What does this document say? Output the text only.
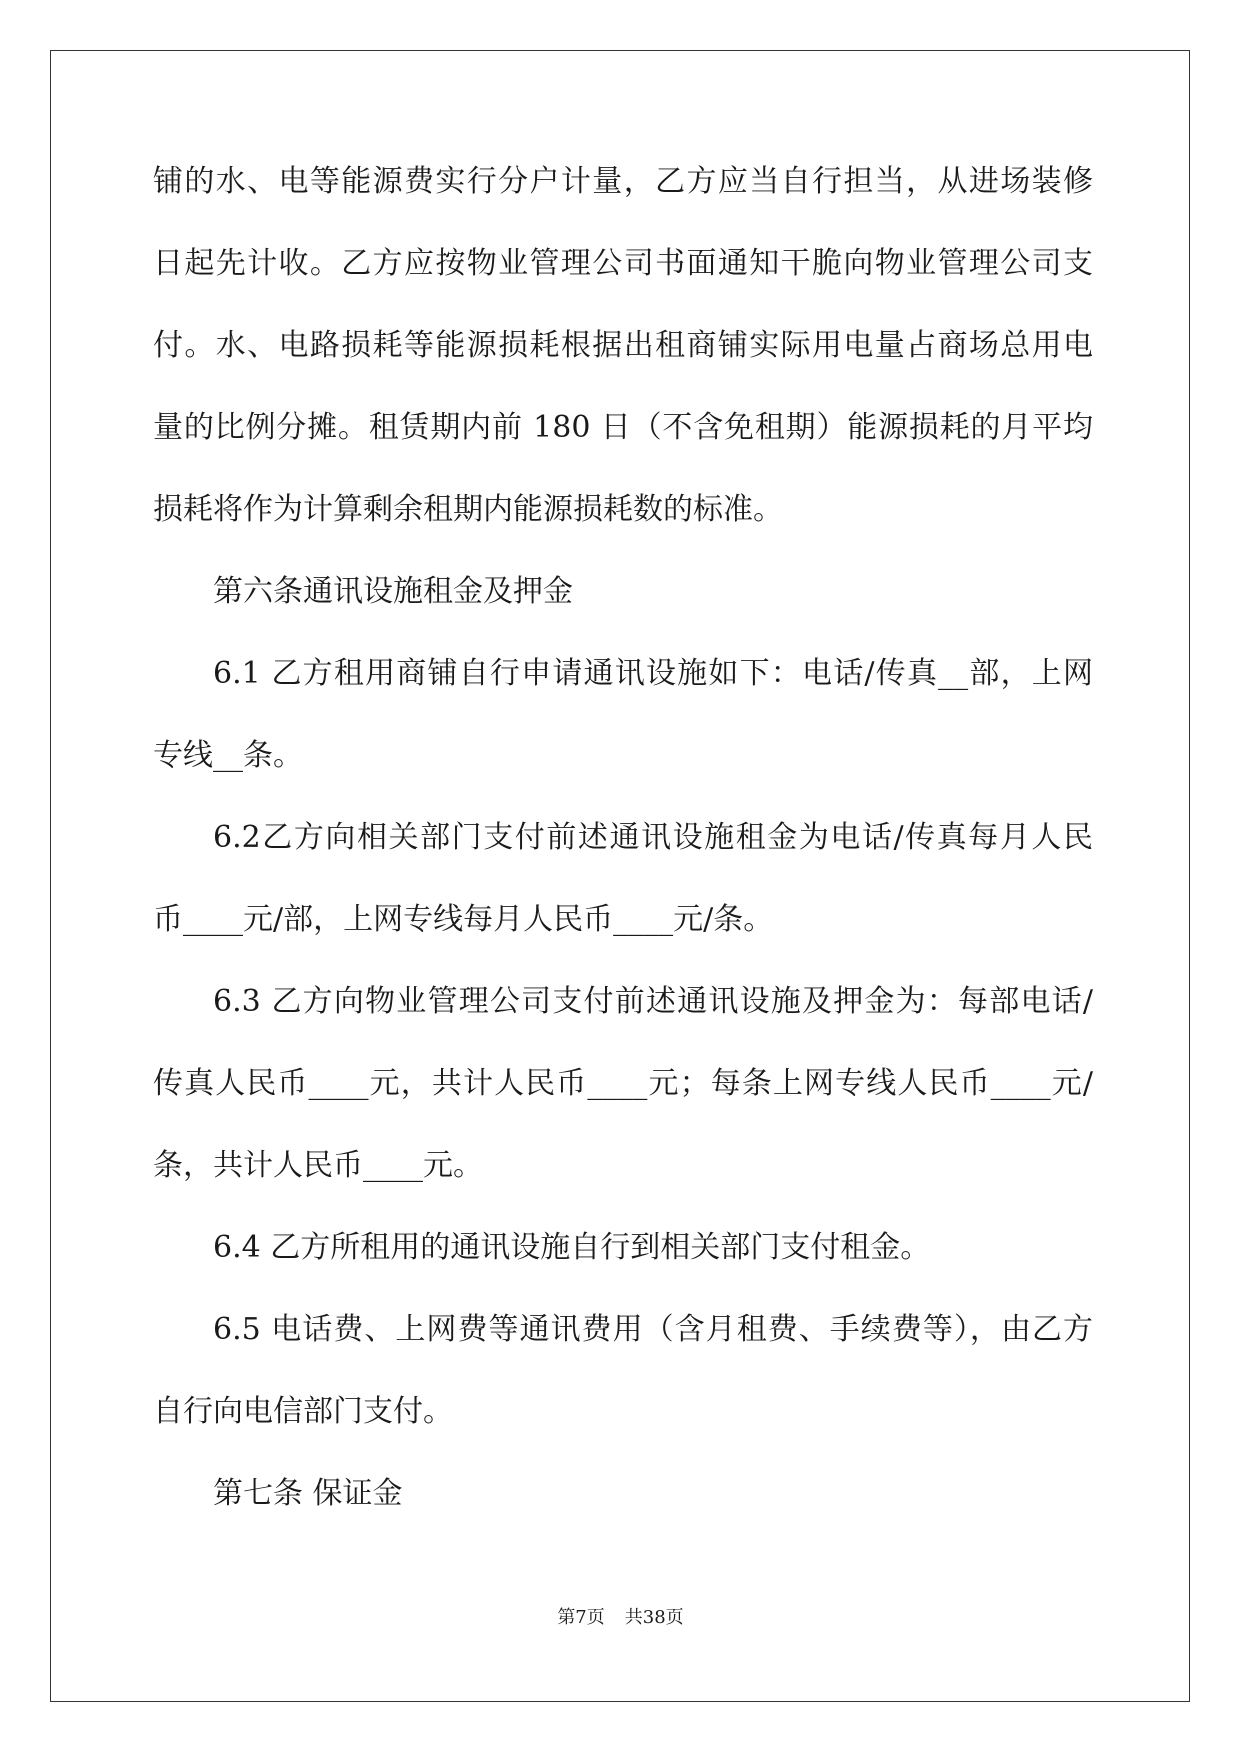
铺的水、电等能源费实行分户计量，乙方应当自行担当，从进场装修
日起先计收。乙方应按物业管理公司书面通知干脆向物业管理公司支
付。水、电路损耗等能源损耗根据出租商铺实际用电量占商场总用电
量的比例分摊。租赁期内前 180 日（不含免租期）能源损耗的月平均
损耗将作为计算剩余租期内能源损耗数的标准。
第六条通讯设施租金及押金
6.1 乙方租用商铺自行申请通讯设施如下：电话/传真__部，上网
专线__条。
6.2乙方向相关部门支付前述通讯设施租金为电话/传真每月人民
币____元/部，上网专线每月人民币____元/条。
6.3 乙方向物业管理公司支付前述通讯设施及押金为：每部电话/
传真人民币____元，共计人民币____元；每条上网专线人民币____元/
条，共计人民币____元。
6.4 乙方所租用的通讯设施自行到相关部门支付租金。
6.5 电话费、上网费等通讯费用（含月租费、手续费等），由乙方
自行向电信部门支付。
第七条 保证金
第7页 共38页
